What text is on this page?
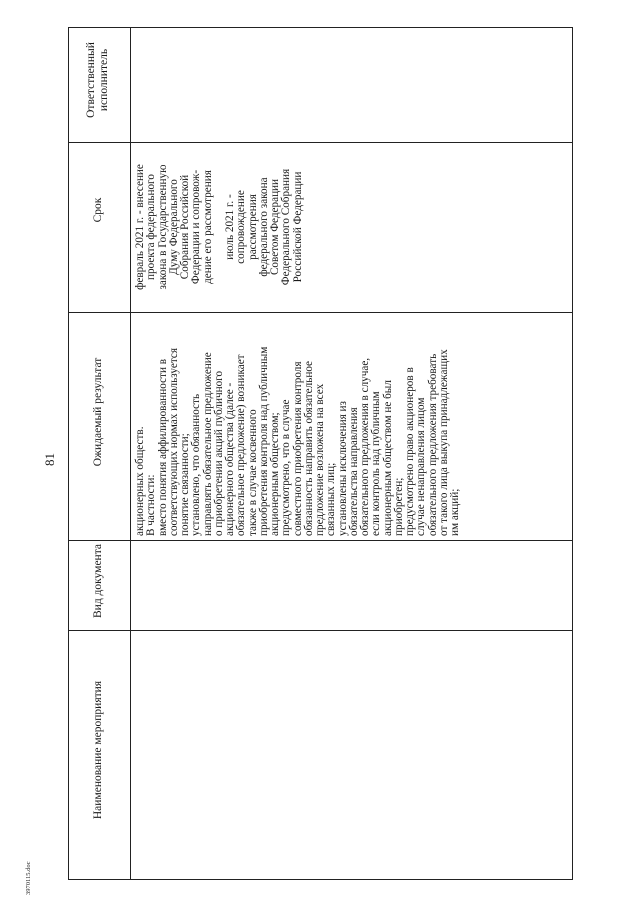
Ответственный
исполнитель
Срок
Ожидаемый результат
Вид документа
Наименование мероприятия
февраль 2021 г. - внесение
проекта федерального
закона в Государственную
Думу Федерального
Собрания Российской
Федерации и сопровож-
дение его рассмотрения

июль 2021 г. -
сопровождение
рассмотрения
федерального закона
Советом Федерации
Федерального Собрания
Российской Федерации
акционерных обществ.
В частности:
вместо понятия аффилированности в
соответствующих нормах используется
понятие связанности;
установлено, что обязанность
направлять обязательное предложение
о приобретении акций публичного
акционерного общества (далее -
обязательное предложение) возникает
также в случае косвенного
приобретения контроля над публичным
акционерным обществом;
предусмотрено, что в случае
совместного приобретения контроля
обязанность направить обязательное
предложение возложена на всех
связанных лиц;
установлены исключения из
обязательства направления
обязательного предложения в случае,
если контроль над публичным
акционерным обществом не был
приобретен;
предусмотрено право акционеров в
случае ненаправления лицом
обязательного предложения требовать
от такого лица выкупа принадлежащих
им акций;
81
3970115.doc
